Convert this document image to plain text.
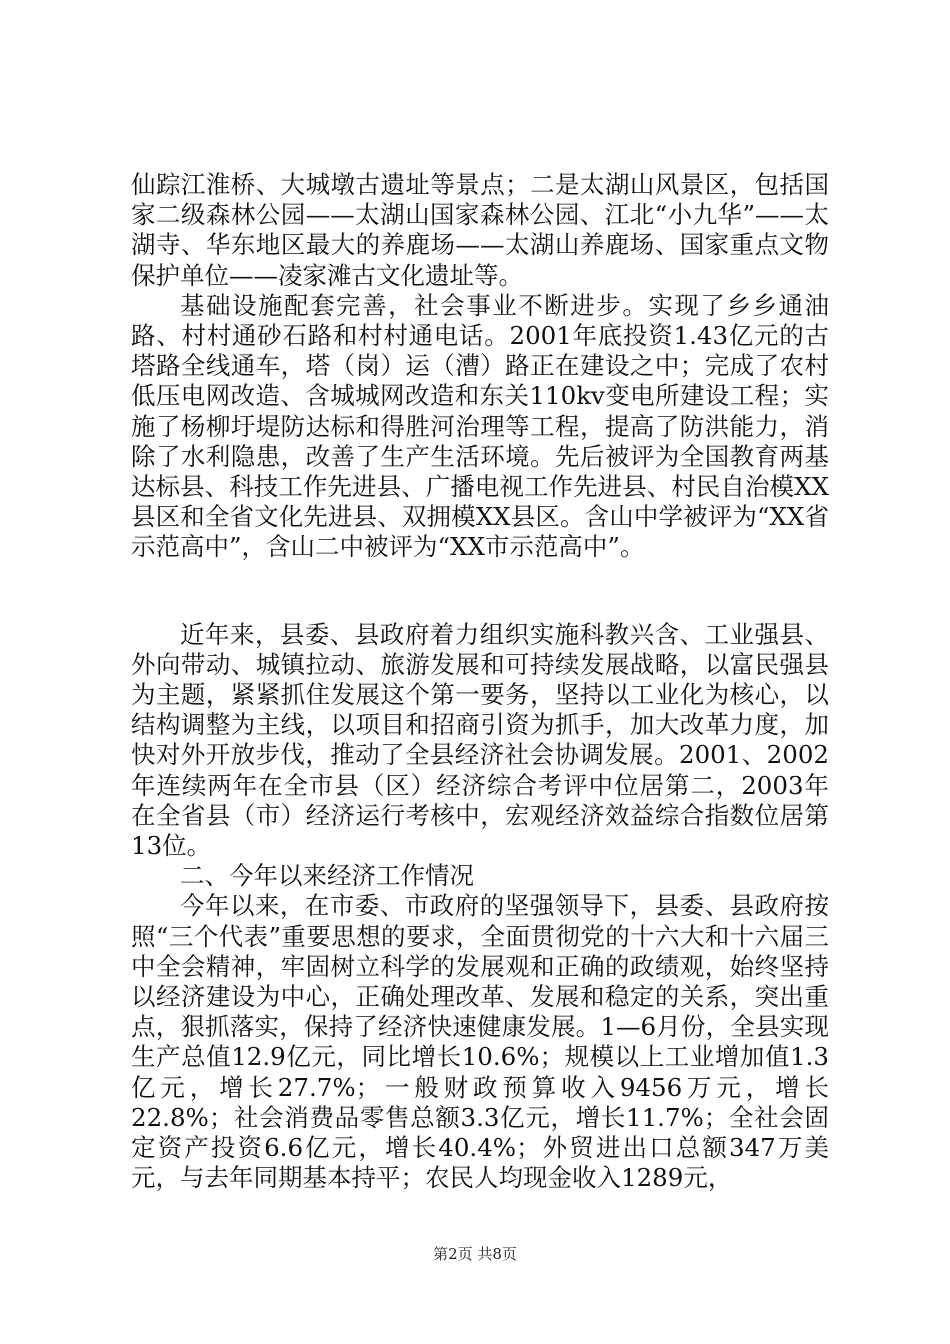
仙踪江淮桥、大城墩古遗址等景点；二是太湖山风景区，包括国家二级森林公园——太湖山国家森林公园、江北“小九华”——太湖寺、华东地区最大的养鹿场——太湖山养鹿场、国家重点文物保护单位——凌家滩古文化遗址等。

基础设施配套完善，社会事业不断进步。实现了乡乡通油路、村村通砂石路和村村通电话。2001年底投资1.43亿元的古塔路全线通车，塔（岗）运（漕）路正在建设之中；完成了农村低压电网改造、含城城网改造和东关110kv变电所建设工程；实施了杨柳圩堤防达标和得胜河治理等工程，提高了防洪能力，消除了水利隐患，改善了生产生活环境。先后被评为全国教育两基达标县、科技工作先进县、广播电视工作先进县、村民自治模XX县区和全省文化先进县、双拥模XX县区。含山中学被评为“XX省示范高中”，含山二中被评为“XX市示范高中”。

近年来，县委、县政府着力组织实施科教兴含、工业强县、外向带动、城镇拉动、旅游发展和可持续发展战略，以富民强县为主题，紧紧抓住发展这个第一要务，坚持以工业化为核心，以结构调整为主线，以项目和招商引资为抓手，加大改革力度，加快对外开放步伐，推动了全县经济社会协调发展。2001、2002年连续两年在全市县（区）经济综合考评中位居第二，2003年在全省县（市）经济运行考核中，宏观经济效益综合指数位居第13位。

二、今年以来经济工作情况

今年以来，在市委、市政府的坚强领导下，县委、县政府按照“三个代表”重要思想的要求，全面贯彻党的十六大和十六届三中全会精神，牢固树立科学的发展观和正确的政绩观，始终坚持以经济建设为中心，正确处理改革、发展和稳定的关系，突出重点，狠抓落实，保持了经济快速健康发展。1—6月份，全县实现生产总值12.9亿元，同比增长10.6%；规模以上工业增加值1.3亿元，增长27.7%；一般财政预算收入9456万元，增长22.8%；社会消费品零售总额3.3亿元，增长11.7%；全社会固定资产投资6.6亿元，增长40.4%；外贸进出口总额347万美元，与去年同期基本持平；农民人均现金收入1289元，

第2页 共8页
